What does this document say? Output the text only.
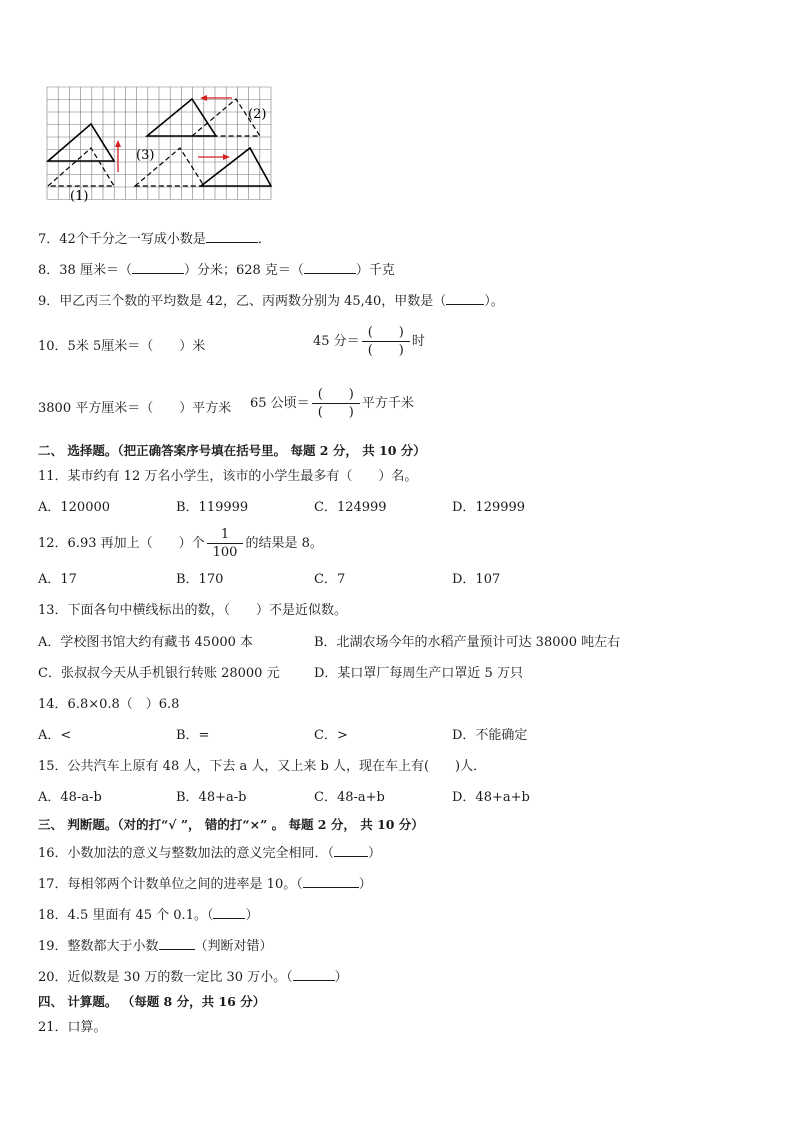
(1)
(2)
(3)
7．42个千分之一写成小数是	．
8．38 厘米＝（	）分米；628 克＝（	）千克
9．甲乙丙三个数的平均数是 42，乙、丙两数分别为 45,40，甲数是（	）。
10．5米 5厘米＝（　　）米	45 分＝ $\frac{( )}{( )}$ 时
3800 平方厘米＝（　　）平方米 65 公顷＝ $\frac{( )}{( )}$ 平方千米
二、 选择题。（把正确答案序号填在括号里。 每题 2 分， 共 10 分）
11．某市约有 12 万名小学生，该市的小学生最多有（　　）名。
A．120000	B．119999	C．124999	D．129999
12．6.93 再加上（　　）个 $\frac{1}{100}$ 的结果是 8。
A．17	B．170	C．7	D．107
13．下面各句中横线标出的数，（　　）不是近似数。
A．学校图书馆大约有藏书 45000 本	B．北湖农场今年的水稻产量预计可达 38000 吨左右
C．张叔叔今天从手机银行转账 28000 元	D．某口罩厂每周生产口罩近 5 万只
14．6.8×0.8（　）6.8
A．<	B．=	C．>	D．不能确定
15．公共汽车上原有 48 人，下去 a 人，又上来 b 人，现在车上有(　　)人．
A．48-a-b	B．48+a-b	C．48-a+b	D．48+a+b
三、 判断题。（对的打“√ ”， 错的打“×” 。 每题 2 分， 共 10 分）
16．小数加法的意义与整数加法的意义完全相同．（	）
17．每相邻两个计数单位之间的进率是 10。（	）
18．4.5 里面有 45 个 0.1。（ ）
19．整数都大于小数	（判断对错）
20．近似数是 30 万的数一定比 30 万小。（	）
四、 计算题。 （每题 8 分，共 16 分）
21．口算。
